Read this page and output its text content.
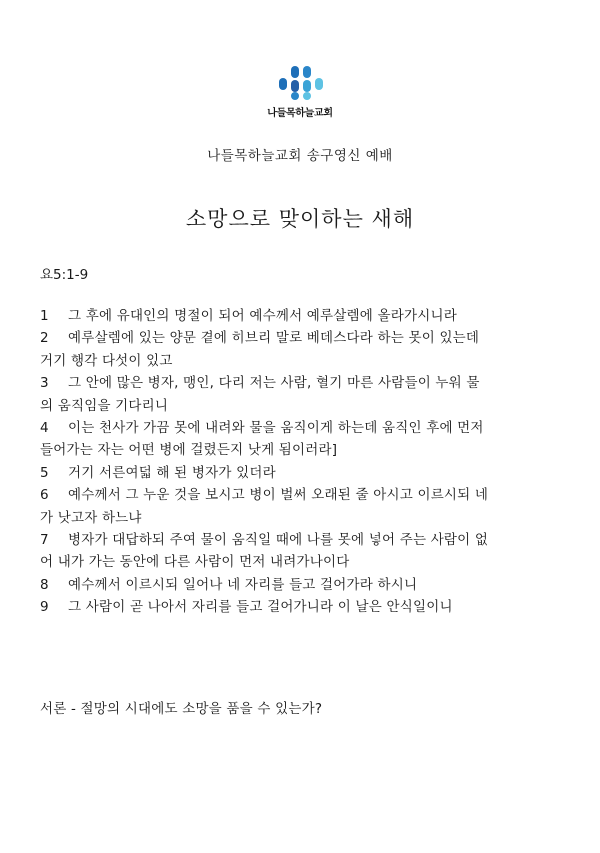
나들목하늘교회
나들목하늘교회 송구영신 예배
소망으로 맞이하는 새해
요5:1-9
1	그 후에 유대인의 명절이 되어 예수께서 예루살렘에 올라가시니라
2	예루살렘에 있는 양문 곁에 히브리 말로 베데스다라 하는 못이 있는데
거기 행각 다섯이 있고
3	그 안에 많은 병자, 맹인, 다리 저는 사람, 혈기 마른 사람들이 누워 물
의 움직임을 기다리니
4	이는 천사가 가끔 못에 내려와 물을 움직이게 하는데 움직인 후에 먼저
들어가는 자는 어떤 병에 걸렸든지 낫게 됨이러라]
5	거기 서른여덟 해 된 병자가 있더라
6	예수께서 그 누운 것을 보시고 병이 벌써 오래된 줄 아시고 이르시되 네
가 낫고자 하느냐
7	병자가 대답하되 주여 물이 움직일 때에 나를 못에 넣어 주는 사람이 없
어 내가 가는 동안에 다른 사람이 먼저 내려가나이다
8	예수께서 이르시되 일어나 네 자리를 들고 걸어가라 하시니
9	그 사람이 곧 나아서 자리를 들고 걸어가니라 이 날은 안식일이니
서론 - 절망의 시대에도 소망을 품을 수 있는가?
